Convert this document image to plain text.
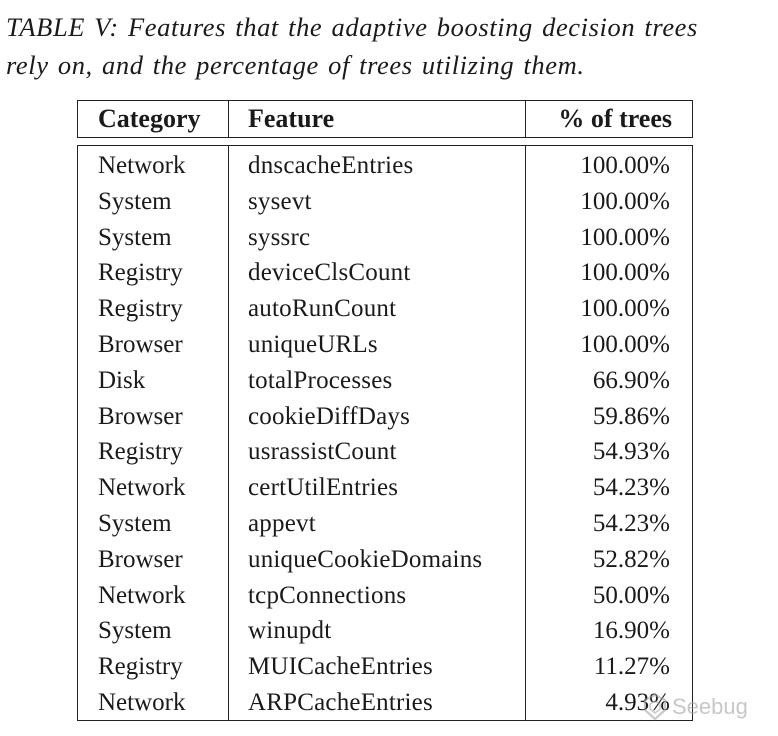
TABLE V: Features that the adaptive boosting decision trees
rely on, and the percentage of trees utilizing them.
Category Feature	% of trees
Network	dnscacheEntries	100.00%
System	sysevt	100.00%
System	syssrc	100.00%
Registry	deviceClsCount	100.00%
Registry	autoRunCount	100.00%
Browser	uniqueURLs	100.00%
Disk	totalProcesses	66.90%
Browser	cookieDiffDays	59.86%
Registry	usrassistCount	54.93%
Network	certUtilEntries	54.23%
System	appevt	54.23%
Browser	uniqueCookieDomains	52.82%
Network	tcpConnections	50.00%
System	winupdt	16.90%
Registry	MUICacheEntries	11.27%
Network	ARPCacheEntries	4.93% Seebug
